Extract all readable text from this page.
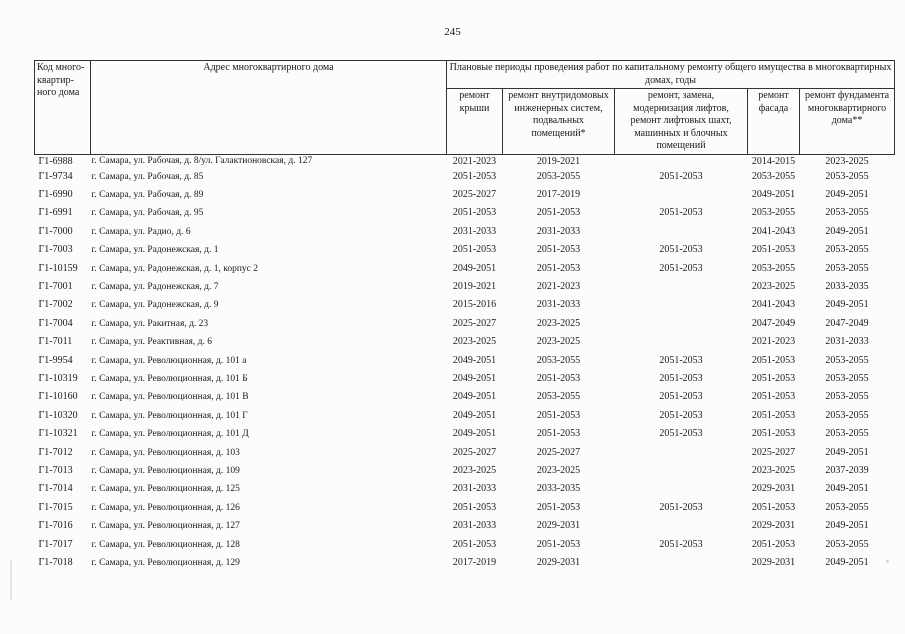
245
Код много-квартир-ного дома	Адрес многоквартирного дома	Плановые периоды проведения работ по капитальному ремонту общего имущества в многоквартирных домах, годы				
		ремонт крыши	ремонт внутридомовых инженерных систем, подвальных помещений*	ремонт, замена, модернизация лифтов, ремонт лифтовых шахт, машинных и блочных помещений	ремонт фасада	ремонт фундамента многоквартирного дома**
Г1-6988	г. Самара, ул. Рабочая, д. 8/ул. Галактионовская, д. 127	2021-2023	2019-2021		2014-2015	2023-2025
Г1-9734	г. Самара, ул. Рабочая, д. 85	2051-2053	2053-2055	2051-2053	2053-2055	2053-2055
Г1-6990	г. Самара, ул. Рабочая, д. 89	2025-2027	2017-2019		2049-2051	2049-2051
Г1-6991	г. Самара, ул. Рабочая, д. 95	2051-2053	2051-2053	2051-2053	2053-2055	2053-2055
Г1-7000	г. Самара, ул. Радио, д. 6	2031-2033	2031-2033		2041-2043	2049-2051
Г1-7003	г. Самара, ул. Радонежская, д. 1	2051-2053	2051-2053	2051-2053	2051-2053	2053-2055
Г1-10159	г. Самара, ул. Радонежская, д. 1, корпус 2	2049-2051	2051-2053	2051-2053	2053-2055	2053-2055
Г1-7001	г. Самара, ул. Радонежская, д. 7	2019-2021	2021-2023		2023-2025	2033-2035
Г1-7002	г. Самара, ул. Радонежская, д. 9	2015-2016	2031-2033		2041-2043	2049-2051
Г1-7004	г. Самара, ул. Ракитная, д. 23	2025-2027	2023-2025		2047-2049	2047-2049
Г1-7011	г. Самара, ул. Реактивная, д. 6	2023-2025	2023-2025		2021-2023	2031-2033
Г1-9954	г. Самара, ул. Революционная, д. 101 а	2049-2051	2053-2055	2051-2053	2051-2053	2053-2055
Г1-10319	г. Самара, ул. Революционная, д. 101 Б	2049-2051	2051-2053	2051-2053	2051-2053	2053-2055
Г1-10160	г. Самара, ул. Революционная, д. 101 В	2049-2051	2053-2055	2051-2053	2051-2053	2053-2055
Г1-10320	г. Самара, ул. Революционная, д. 101 Г	2049-2051	2051-2053	2051-2053	2051-2053	2053-2055
Г1-10321	г. Самара, ул. Революционная, д. 101 Д	2049-2051	2051-2053	2051-2053	2051-2053	2053-2055
Г1-7012	г. Самара, ул. Революционная, д. 103	2025-2027	2025-2027		2025-2027	2049-2051
Г1-7013	г. Самара, ул. Революционная, д. 109	2023-2025	2023-2025		2023-2025	2037-2039
Г1-7014	г. Самара, ул. Революционная, д. 125	2031-2033	2033-2035		2029-2031	2049-2051
Г1-7015	г. Самара, ул. Революционная, д. 126	2051-2053	2051-2053	2051-2053	2051-2053	2053-2055
Г1-7016	г. Самара, ул. Революционная, д. 127	2031-2033	2029-2031		2029-2031	2049-2051
Г1-7017	г. Самара, ул. Революционная, д. 128	2051-2053	2051-2053	2051-2053	2051-2053	2053-2055
Г1-7018	г. Самара, ул. Революционная, д. 129	2017-2019	2029-2031		2029-2031	2049-2051
